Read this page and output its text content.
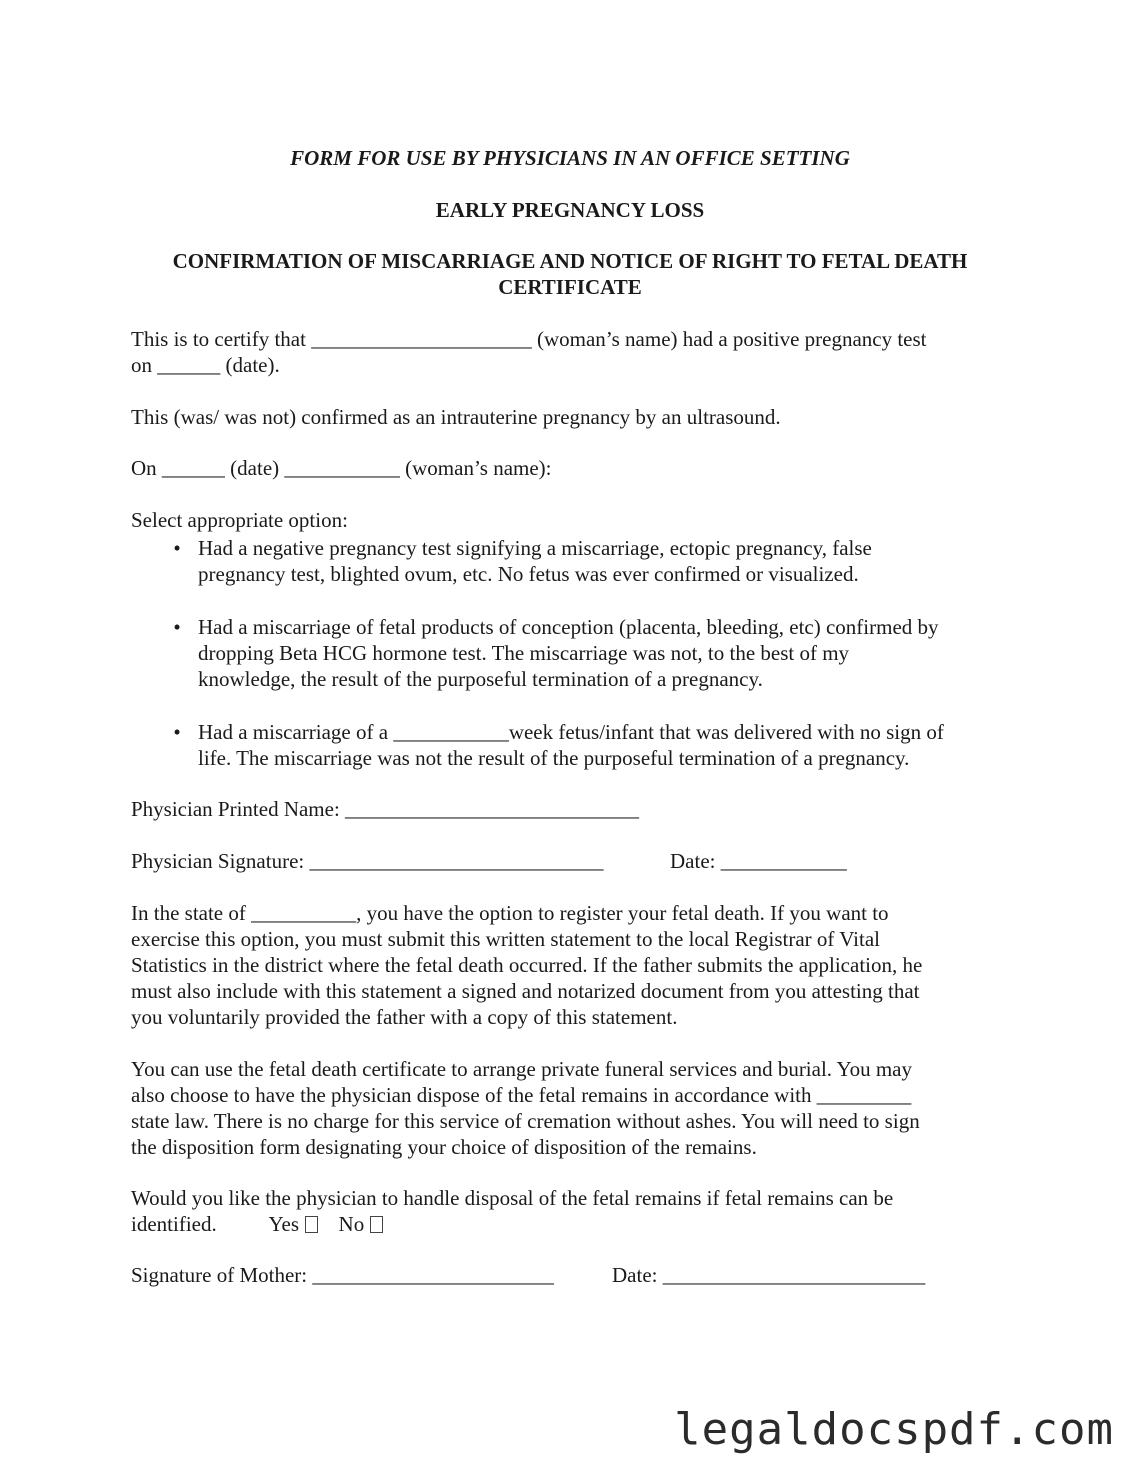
FORM FOR USE BY PHYSICIANS IN AN OFFICE SETTING

EARLY PREGNANCY LOSS

CONFIRMATION OF MISCARRIAGE AND NOTICE OF RIGHT TO FETAL DEATH

CERTIFICATE

This is to certify that _____________________ (woman’s name) had a positive pregnancy test

on ______ (date).

This (was/ was not) confirmed as an intrauterine pregnancy by an ultrasound.

On ______ (date) ___________ (woman’s name):

Select appropriate option:

• Had a negative pregnancy test signifying a miscarriage, ectopic pregnancy, false

pregnancy test, blighted ovum, etc. No fetus was ever confirmed or visualized.

• Had a miscarriage of fetal products of conception (placenta, bleeding, etc) confirmed by

dropping Beta HCG hormone test. The miscarriage was not, to the best of my

knowledge, the result of the purposeful termination of a pregnancy.

• Had a miscarriage of a ___________week fetus/infant that was delivered with no sign of

life. The miscarriage was not the result of the purposeful termination of a pregnancy.

Physician Printed Name: ____________________________

Physician Signature: ____________________________	Date: ____________

In the state of __________, you have the option to register your fetal death. If you want to

exercise this option, you must submit this written statement to the local Registrar of Vital

Statistics in the district where the fetal death occurred. If the father submits the application, he

must also include with this statement a signed and notarized document from you attesting that

you voluntarily provided the father with a copy of this statement.

You can use the fetal death certificate to arrange private funeral services and burial. You may

also choose to have the physician dispose of the fetal remains in accordance with _________

state law. There is no charge for this service of cremation without ashes. You will need to sign

the disposition form designating your choice of disposition of the remains.

Would you like the physician to handle disposal of the fetal remains if fetal remains can be

identified. Yes No

Signature of Mother: _______________________	Date: _________________________

legaldocspdf.com
